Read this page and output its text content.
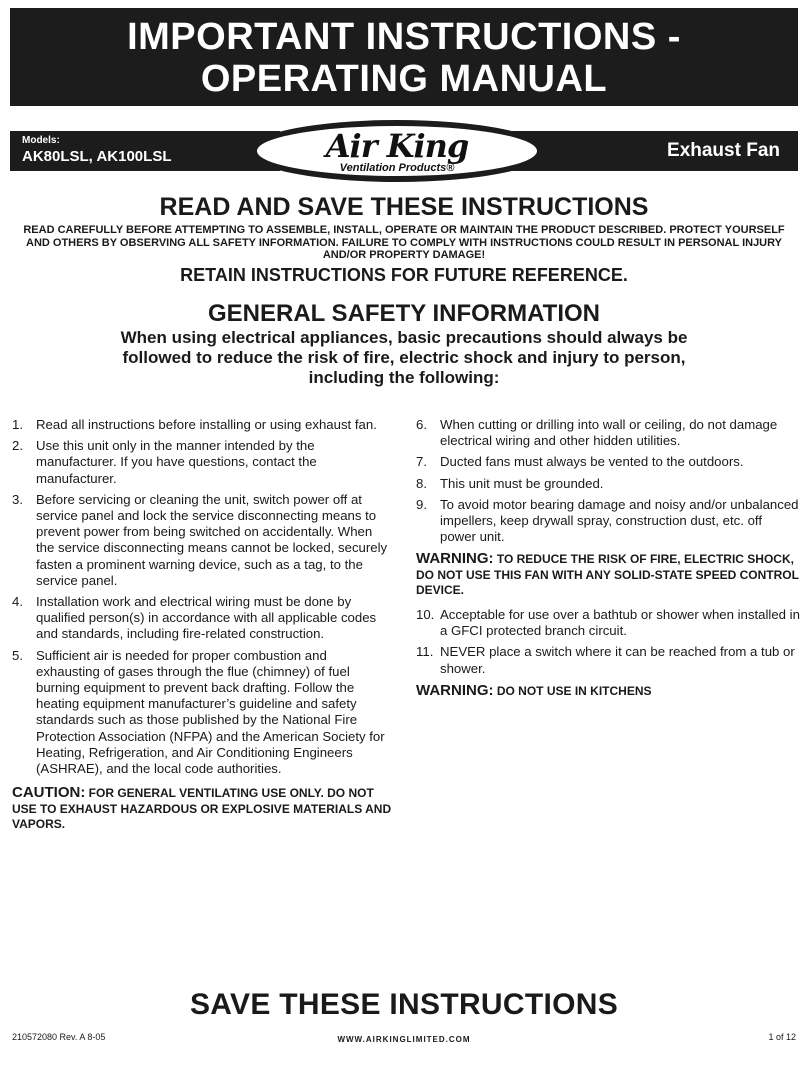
IMPORTANT INSTRUCTIONS -
OPERATING MANUAL
Models:
AK80LSL, AK100LSL	Exhaust Fan
Air King
Ventilation Products®
READ AND SAVE THESE INSTRUCTIONS
READ CAREFULLY BEFORE ATTEMPTING TO ASSEMBLE, INSTALL, OPERATE OR MAINTAIN THE PRODUCT DESCRIBED. PROTECT YOURSELF AND OTHERS BY OBSERVING ALL SAFETY INFORMATION. FAILURE TO COMPLY WITH INSTRUCTIONS COULD RESULT IN PERSONAL INJURY AND/OR PROPERTY DAMAGE!
RETAIN INSTRUCTIONS FOR FUTURE REFERENCE.
GENERAL SAFETY INFORMATION
When using electrical appliances, basic precautions should always be followed to reduce the risk of fire, electric shock and injury to person, including the following:
1. Read all instructions before installing or using exhaust fan.
2. Use this unit only in the manner intended by the manufacturer. If you have questions, contact the manufacturer.
3. Before servicing or cleaning the unit, switch power off at service panel and lock the service disconnecting means to prevent power from being switched on accidentally. When the service disconnecting means cannot be locked, securely fasten a prominent warning device, such as a tag, to the service panel.
4. Installation work and electrical wiring must be done by qualified person(s) in accordance with all applicable codes and standards, including fire-related construction.
5. Sufficient air is needed for proper combustion and exhausting of gases through the flue (chimney) of fuel burning equipment to prevent back drafting. Follow the heating equipment manufacturer’s guideline and safety standards such as those published by the National Fire Protection Association (NFPA) and the American Society for Heating, Refrigeration, and Air Conditioning Engineers (ASHRAE), and the local code authorities.
CAUTION: FOR GENERAL VENTILATING USE ONLY. DO NOT USE TO EXHAUST HAZARDOUS OR EXPLOSIVE MATERIALS AND VAPORS.
6. When cutting or drilling into wall or ceiling, do not damage electrical wiring and other hidden utilities.
7. Ducted fans must always be vented to the outdoors.
8. This unit must be grounded.
9. To avoid motor bearing damage and noisy and/or unbalanced impellers, keep drywall spray, construction dust, etc. off power unit.
WARNING: TO REDUCE THE RISK OF FIRE, ELECTRIC SHOCK, DO NOT USE THIS FAN WITH ANY SOLID-STATE SPEED CONTROL DEVICE.
10. Acceptable for use over a bathtub or shower when installed in a GFCI protected branch circuit.
11. NEVER place a switch where it can be reached from a tub or shower.
WARNING: DO NOT USE IN KITCHENS
SAVE THESE INSTRUCTIONS
210572080 Rev. A 8-05	WWW.AIRKINGLIMITED.COM	1 of 12
